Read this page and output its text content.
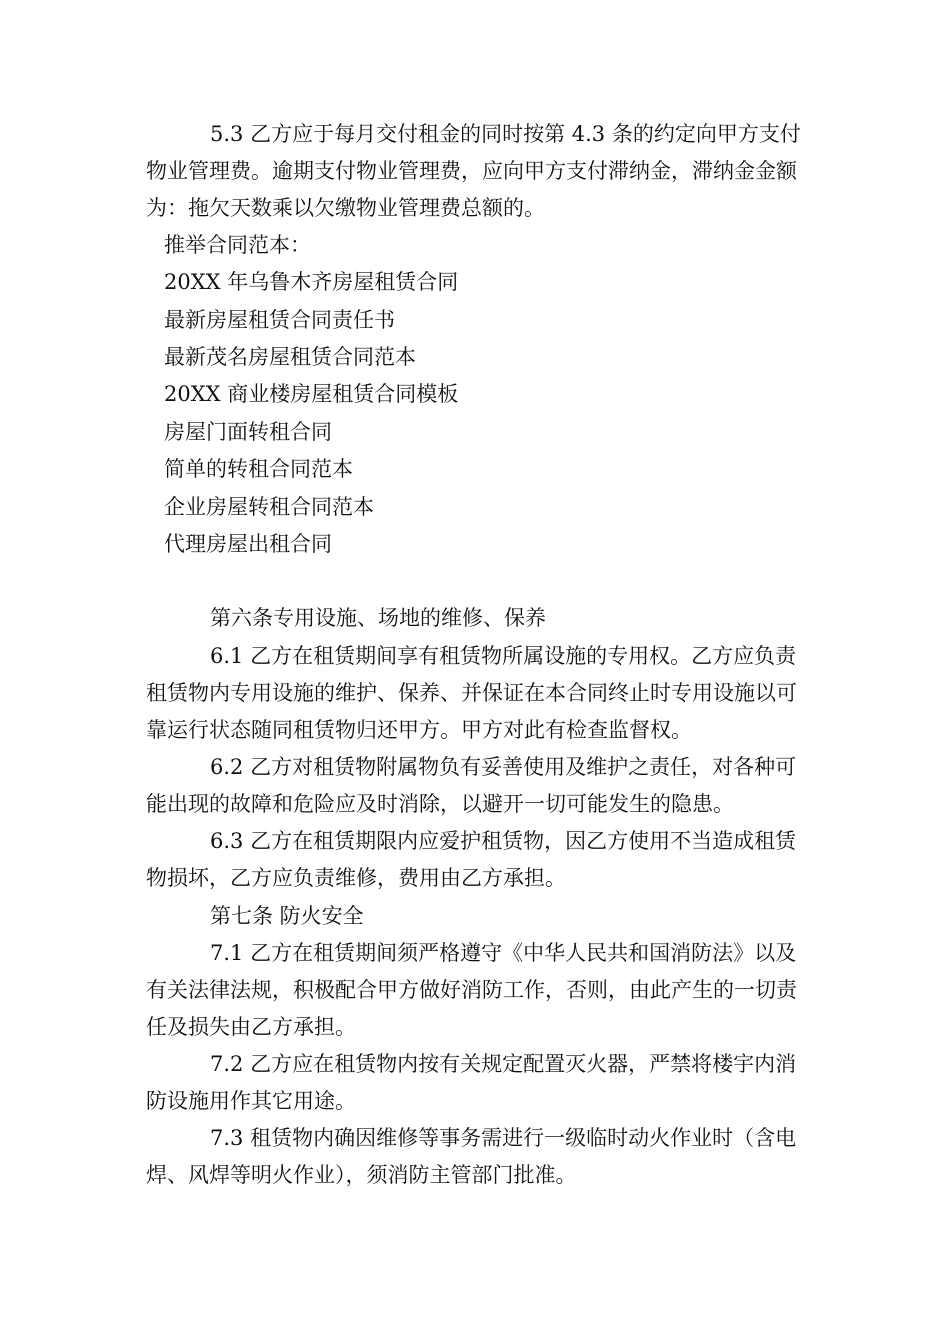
5.3 乙方应于每月交付租金的同时按第 4.3 条的约定向甲方支付物业管理费。逾期支付物业管理费，应向甲方支付滞纳金，滞纳金金额为：拖欠天数乘以欠缴物业管理费总额的。

推举合同范本：

20XX 年乌鲁木齐房屋租赁合同

最新房屋租赁合同责任书

最新茂名房屋租赁合同范本

20XX 商业楼房屋租赁合同模板

房屋门面转租合同

简单的转租合同范本

企业房屋转租合同范本

代理房屋出租合同

第六条专用设施、场地的维修、保养

6.1 乙方在租赁期间享有租赁物所属设施的专用权。乙方应负责租赁物内专用设施的维护、保养、并保证在本合同终止时专用设施以可靠运行状态随同租赁物归还甲方。甲方对此有检查监督权。

6.2 乙方对租赁物附属物负有妥善使用及维护之责任，对各种可能出现的故障和危险应及时消除，以避开一切可能发生的隐患。

6.3 乙方在租赁期限内应爱护租赁物，因乙方使用不当造成租赁物损坏，乙方应负责维修，费用由乙方承担。

第七条 防火安全

7.1 乙方在租赁期间须严格遵守《中华人民共和国消防法》以及有关法律法规，积极配合甲方做好消防工作，否则，由此产生的一切责任及损失由乙方承担。

7.2 乙方应在租赁物内按有关规定配置灭火器，严禁将楼宇内消防设施用作其它用途。

7.3 租赁物内确因维修等事务需进行一级临时动火作业时（含电焊、风焊等明火作业），须消防主管部门批准。
